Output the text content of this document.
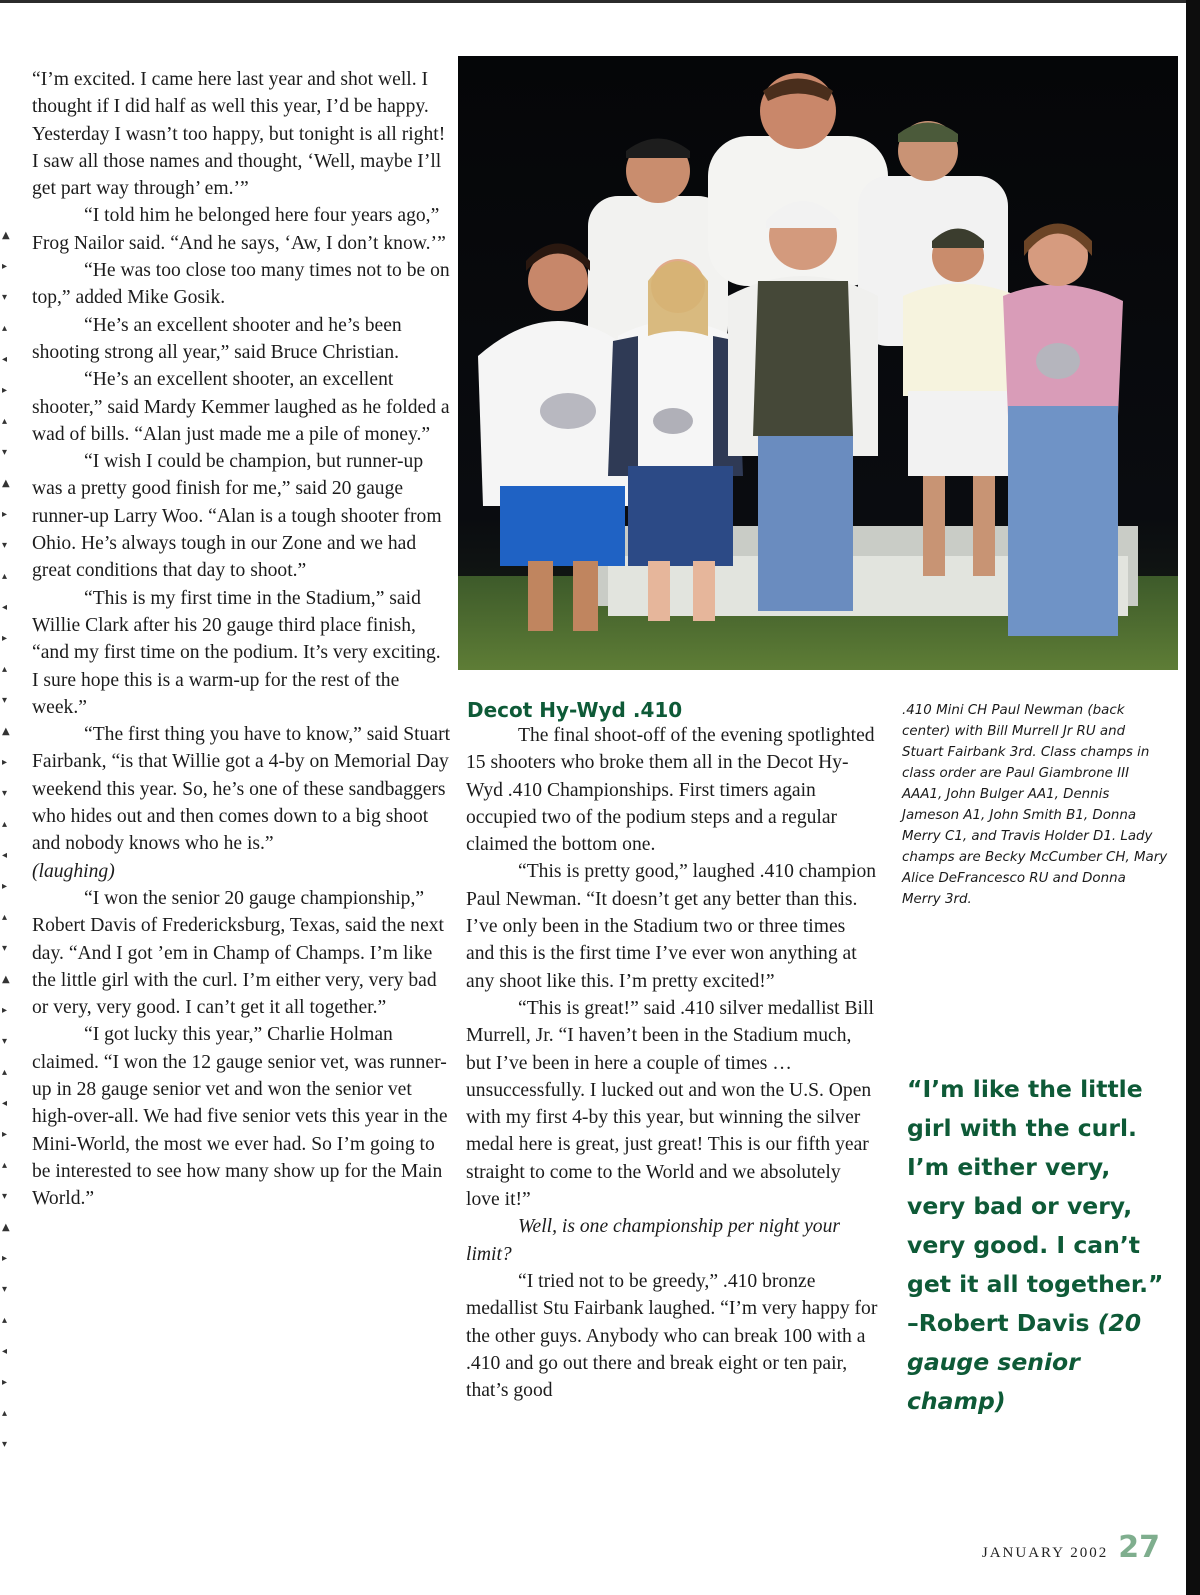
▲
▸
▾
▴
◂
▸
▴
▾
▲
▸
▾
▴
◂
▸
▴
▾
▲
▸
▾
▴
◂
▸
▴
▾
▲
▸
▾
▴
◂
▸
▴
▾
▲
▸
▾
▴
◂
▸
▴
▾

“I’m excited. I came here last year and shot well. I thought if I did half as well this year, I’d be happy. Yesterday I wasn’t too happy, but tonight is all right! I saw all those names and thought, ‘Well, maybe I’ll get part way through’ em.’”

“I told him he belonged here four years ago,” Frog Nailor said. “And he says, ‘Aw, I don’t know.’”

“He was too close too many times not to be on top,” added Mike Gosik.

“He’s an excellent shooter and he’s been shooting strong all year,” said Bruce Christian.

“He’s an excellent shooter, an excellent shooter,” said Mardy Kemmer laughed as he folded a wad of bills. “Alan just made me a pile of money.”

“I wish I could be champion, but runner-up was a pretty good finish for me,” said 20 gauge runner-up Larry Woo. “Alan is a tough shooter from Ohio. He’s always tough in our Zone and we had great conditions that day to shoot.”

“This is my first time in the Stadium,” said Willie Clark after his 20 gauge third place finish, “and my first time on the podium. It’s very exciting. I sure hope this is a warm-up for the rest of the week.”

“The first thing you have to know,” said Stuart Fairbank, “is that Willie got a 4-by on Memorial Day weekend this year. So, he’s one of these sandbaggers who hides out and then comes down to a big shoot and nobody knows who he is.”

(laughing)

“I won the senior 20 gauge championship,” Robert Davis of Fredericksburg, Texas, said the next day. “And I got ’em in Champ of Champs. I’m like the little girl with the curl. I’m either very, very bad or very, very good. I can’t get it all together.”

“I got lucky this year,” Charlie Holman claimed. “I won the 12 gauge senior vet, was runner-up in 28 gauge senior vet and won the senior vet high-over-all. We had five senior vets this year in the Mini-World, the most we ever had. So I’m going to be interested to see how many show up for the Main World.”

Decot Hy-Wyd .410

The final shoot-off of the evening spotlighted 15 shooters who broke them all in the Decot Hy-Wyd .410 Championships. First timers again occupied two of the podium steps and a regular claimed the bottom one.

“This is pretty good,” laughed .410 champion Paul Newman. “It doesn’t get any better than this. I’ve only been in the Stadium two or three times and this is the first time I’ve ever won anything at any shoot like this. I’m pretty excited!”

“This is great!” said .410 silver medallist Bill Murrell, Jr. “I haven’t been in the Stadium much, but I’ve been in here a couple of times … unsuccessfully. I lucked out and won the U.S. Open with my first 4-by this year, but winning the silver medal here is great, just great! This is our fifth year straight to come to the World and we absolutely love it!”

Well, is one championship per night your limit?

“I tried not to be greedy,” .410 bronze medallist Stu Fairbank laughed. “I’m very happy for the other guys. Anybody who can break 100 with a .410 and go out there and break eight or ten pair, that’s good

.410 Mini CH Paul Newman (back center) with Bill Murrell Jr RU and Stuart Fairbank 3rd. Class champs in class order are Paul Giambrone III AAA1, John Bulger AA1, Dennis Jameson A1, John Smith B1, Donna Merry C1, and Travis Holder D1. Lady champs are Becky McCumber CH, Mary Alice DeFrancesco RU and Donna Merry 3rd.
“I’m like the little girl with the curl. I’m either very, very bad or very, very good. I can’t get it all together.”
–Robert Davis (20 gauge senior champ)
JANUARY 2002 27
